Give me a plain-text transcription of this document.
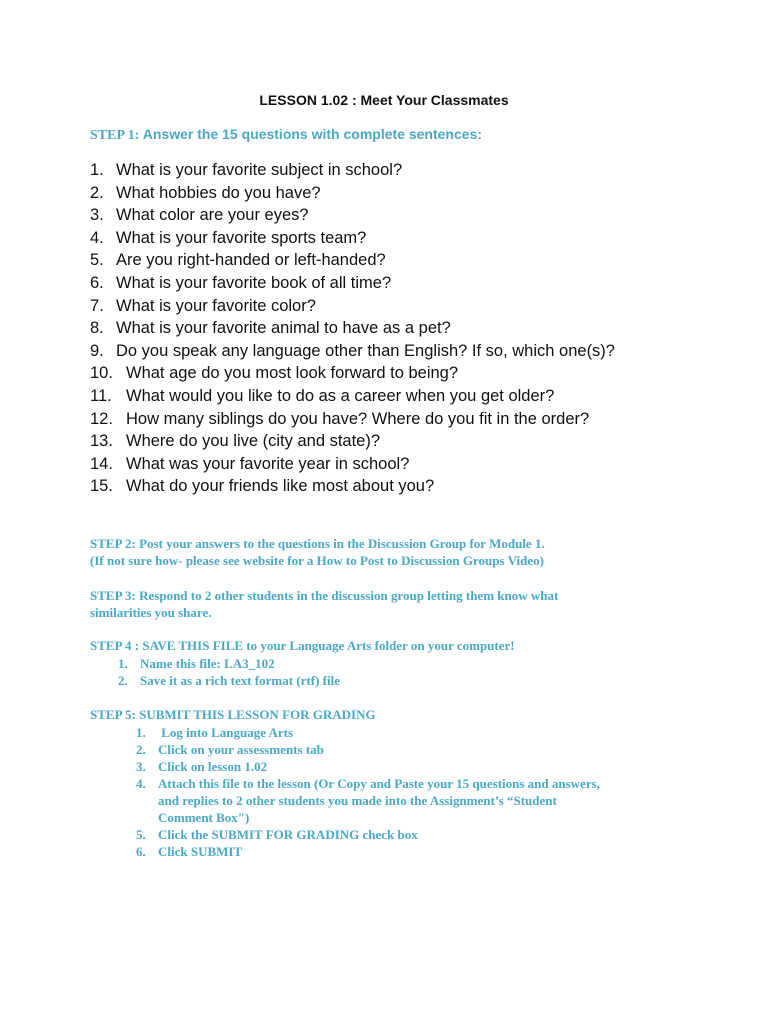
LESSON 1.02 : Meet Your Classmates
STEP 1: Answer the 15 questions with complete sentences:
1. What is your favorite subject in school?
2. What hobbies do you have?
3. What color are your eyes?
4. What is your favorite sports team?
5. Are you right-handed or left-handed?
6. What is your favorite book of all time?
7. What is your favorite color?
8. What is your favorite animal to have as a pet?
9. Do you speak any language other than English? If so, which one(s)?
10. What age do you most look forward to being?
11. What would you like to do as a career when you get older?
12. How many siblings do you have? Where do you fit in the order?
13. Where do you live (city and state)?
14. What was your favorite year in school?
15. What do your friends like most about you?
STEP 2: Post your answers to the questions in the Discussion Group for Module 1.
(If not sure how- please see website for a How to Post to Discussion Groups Video)
STEP 3: Respond to 2 other students in the discussion group letting them know what
similarities you share.
STEP 4 : SAVE THIS FILE to your Language Arts folder on your computer!
1. Name this file: LA3_102
2. Save it as a rich text format (rtf) file
STEP 5: SUBMIT THIS LESSON FOR GRADING
1. Log into Language Arts
2. Click on your assessments tab
3. Click on lesson 1.02
4. Attach this file to the lesson (Or Copy and Paste your 15 questions and answers,
and replies to 2 other students you made into the Assignment’s “Student
Comment Box")
5. Click the SUBMIT FOR GRADING check box
6. Click SUBMIT
